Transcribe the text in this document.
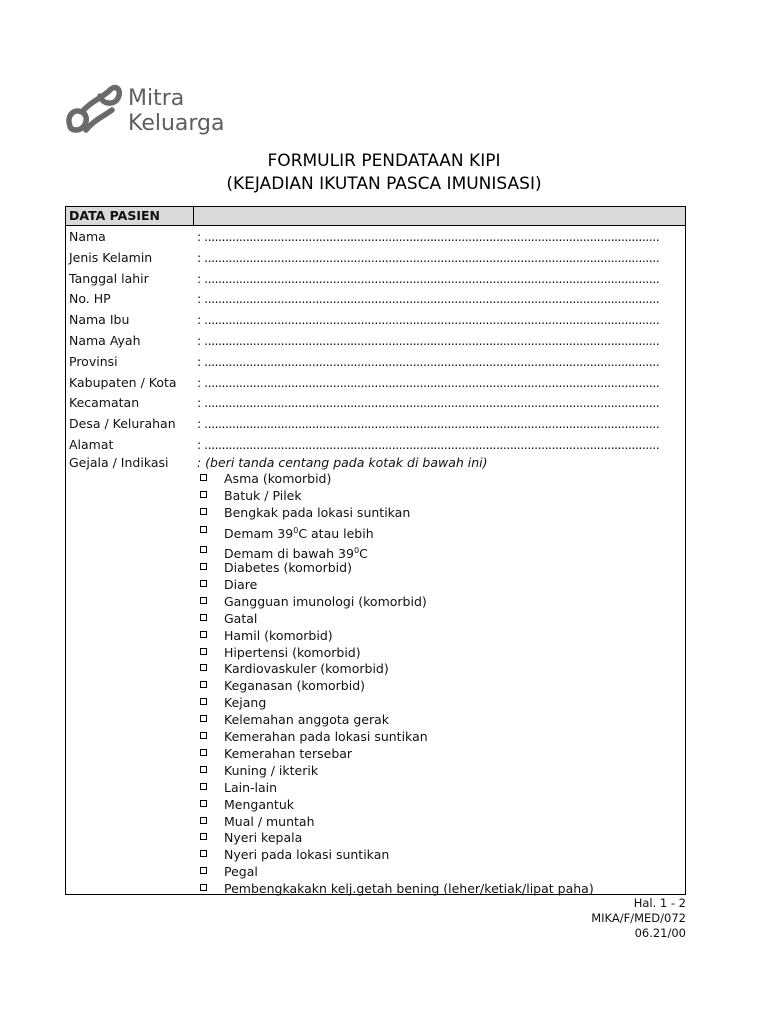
Mitra
Keluarga
FORMULIR PENDATAAN KIPI
(KEJADIAN IKUTAN PASCA IMUNISASI)
DATA PASIEN
Nama	: ...................................................................................................................................
Jenis Kelamin	: ...................................................................................................................................
Tanggal lahir	: ...................................................................................................................................
No. HP	: ...................................................................................................................................
Nama Ibu	: ...................................................................................................................................
Nama Ayah	: ...................................................................................................................................
Provinsi	: ...................................................................................................................................
Kabupaten / Kota : ...................................................................................................................................
Kecamatan	: ...................................................................................................................................
Desa / Kelurahan : ...................................................................................................................................
Alamat	: ...................................................................................................................................
Gejala / Indikasi : (beri tanda centang pada kotak di bawah ini)
Asma (komorbid)
Batuk / Pilek
Bengkak pada lokasi suntikan
Demam $39^0C$ atau lebih
Demam di bawah $39^0C$
Diabetes (komorbid)
Diare
Gangguan imunologi (komorbid)
Gatal
Hamil (komorbid)
Hipertensi (komorbid)
Kardiovaskuler (komorbid)
Keganasan (komorbid)
Kejang
Kelemahan anggota gerak
Kemerahan pada lokasi suntikan
Kemerahan tersebar
Kuning / ikterik
Lain-lain
Mengantuk
Mual / muntah
Nyeri kepala
Nyeri pada lokasi suntikan
Pegal
Pembengkakakn kelj.getah bening (leher/ketiak/lipat paha)
Hal. 1 - 2
MIKA/F/MED/072
06.21/00
